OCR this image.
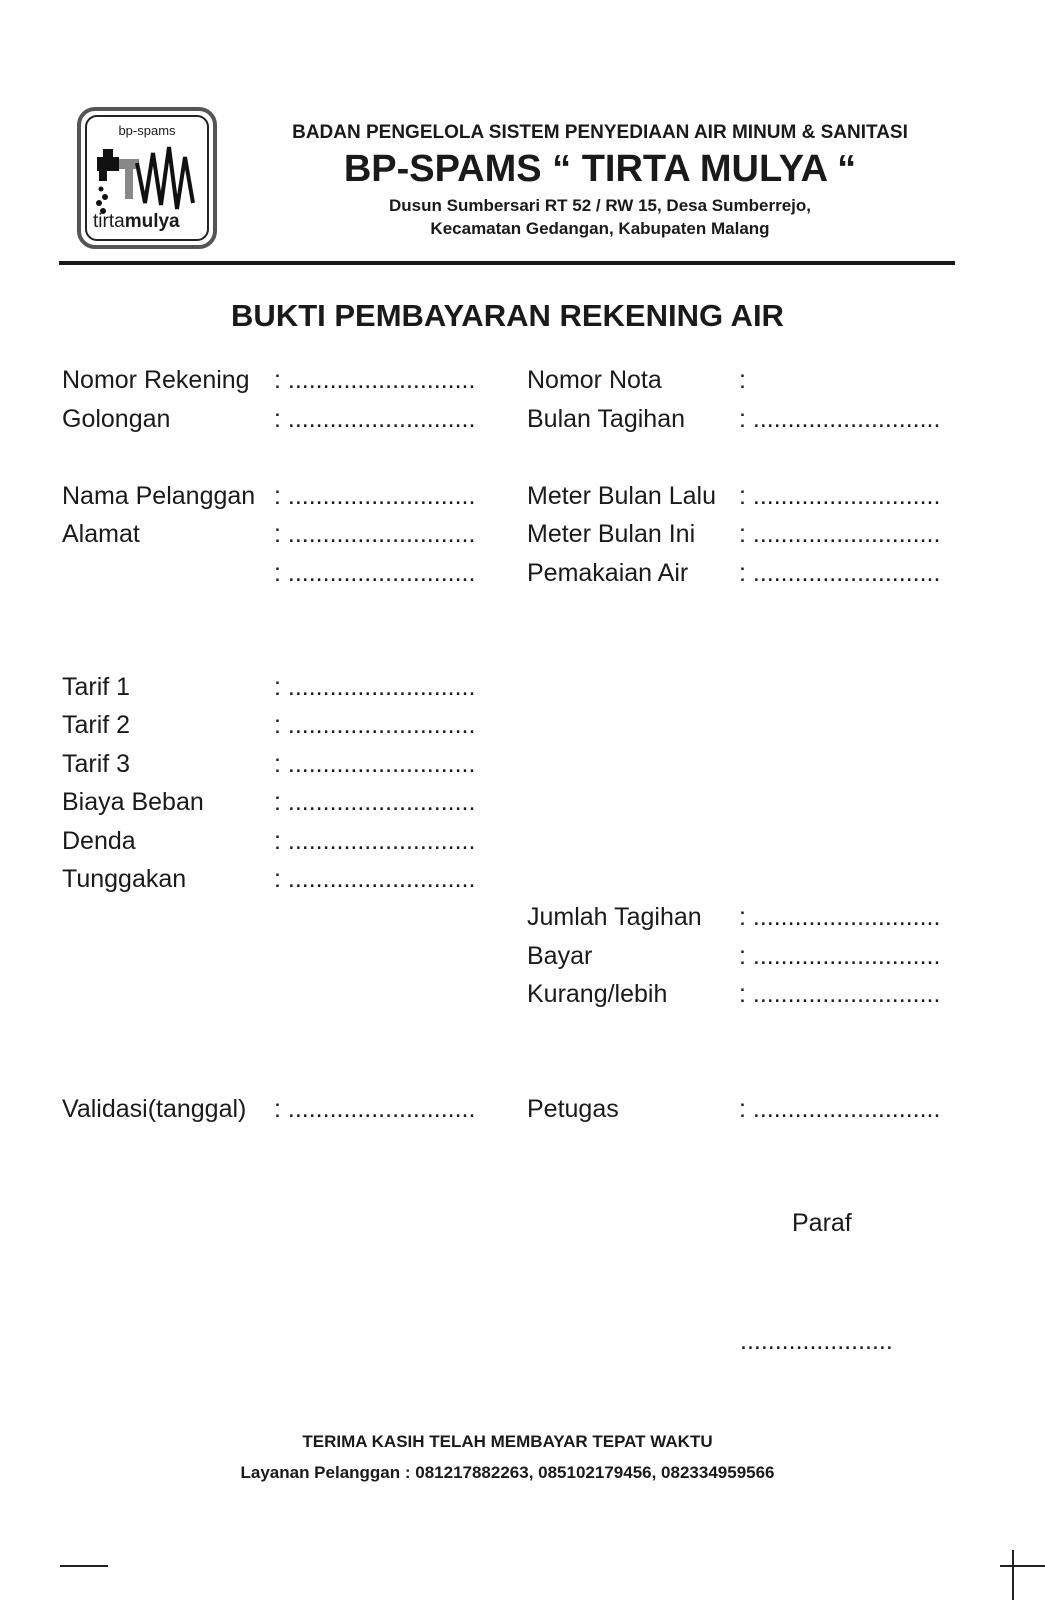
bp-spams
tirtamulya
BADAN PENGELOLA SISTEM PENYEDIAAN AIR MINUM & SANITASI
BP-SPAMS “ TIRTA MULYA “
Dusun Sumbersari RT 52 / RW 15, Desa Sumberrejo,
Kecamatan Gedangan, Kabupaten Malang
BUKTI PEMBAYARAN REKENING AIR
Nomor Rekening : ...........................
Golongan	: ...........................
Nama Pelanggan : ...........................
Alamat	: ...........................
: ...........................
Tarif 1	: ...........................
Tarif 2	: ...........................
Tarif 3	: ...........................
Biaya Beban	: ...........................
Denda	: ...........................
Tunggakan	: ...........................
Validasi(tanggal) : ...........................
Nomor Nota	:
Bulan Tagihan : ...........................
Meter Bulan Lalu : ...........................
Meter Bulan Ini : ...........................
Pemakaian Air : ...........................
Jumlah Tagihan : ...........................
Bayar	: ...........................
Kurang/lebih	: ...........................
Petugas	: ...........................
Paraf
......................
TERIMA KASIH TELAH MEMBAYAR TEPAT WAKTU
Layanan Pelanggan : 081217882263, 085102179456, 082334959566
